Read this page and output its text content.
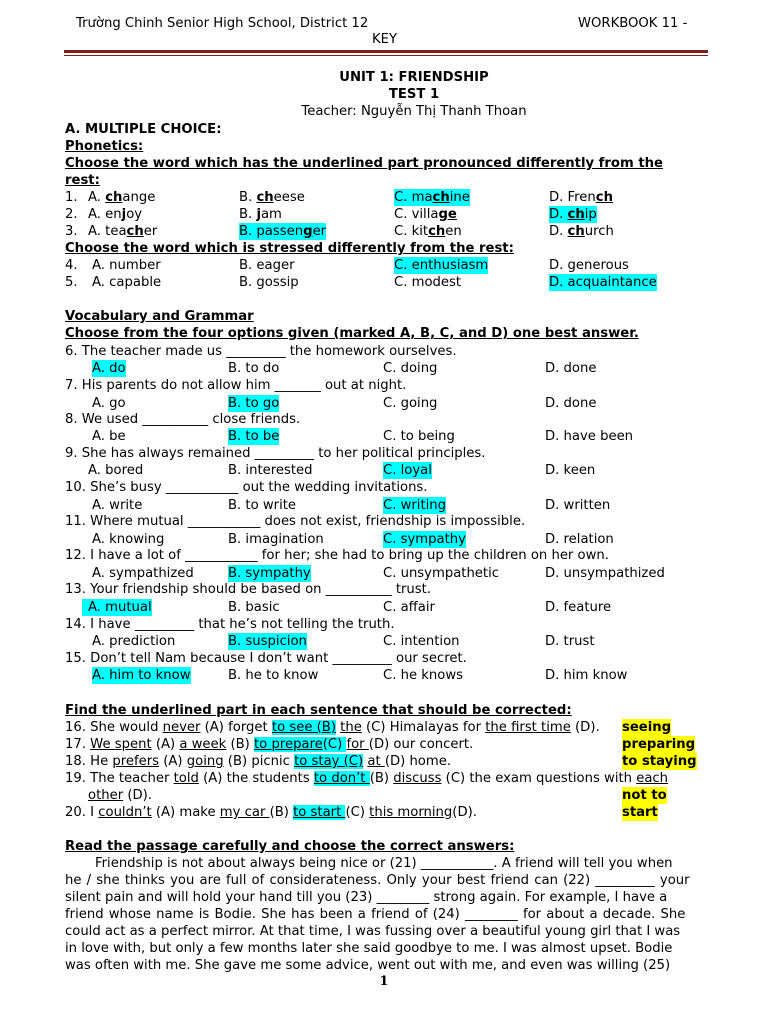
Trường Chinh Senior High School, District 12	WORKBOOK 11 -
KEY
UNIT 1: FRIENDSHIP
TEST 1
Teacher: Nguyễn Thị Thanh Thoan
A. MULTIPLE CHOICE:
Phonetics:
Choose the word which has the underlined part pronounced differently from the
rest:
1. A. change	B. cheese	C. machine	D. French
2. A. enjoy	B. jam	C. village	D. chip
3. A. teacher	B. passenger	C. kitchen	D. church
Choose the word which is stressed differently from the rest:
4. A. number	B. eager	C. enthusiasm	D. generous
5. A. capable	B. gossip	C. modest	D. acquaintance
Vocabulary and Grammar
Choose from the four options given (marked A, B, C, and D) one best answer.
6. The teacher made us _________ the homework ourselves.
A. do	B. to do	C. doing	D. done
7. His parents do not allow him _______ out at night.
A. go	B. to go	C. going	D. done
8. We used __________ close friends.
A. be	B. to be	C. to being	D. have been
9. She has always remained _________ to her political principles.
A. bored	B. interested	C. loyal	D. keen
10. She’s busy ___________ out the wedding invitations.
A. write	B. to write	C. writing	D. written
11. Where mutual ___________ does not exist, friendship is impossible.
A. knowing	B. imagination	C. sympathy	D. relation
12. I have a lot of ___________ for her; she had to bring up the children on her own.
A. sympathized	B. sympathy	C. unsympathetic	D. unsympathized
13. Your friendship should be based on __________ trust.
A. mutual	B. basic	C. affair	D. feature
14. I have _________ that he’s not telling the truth.
A. prediction	B. suspicion	C. intention	D. trust
15. Don’t tell Nam because I don’t want _________ our secret.
A. him to know	B. he to know	C. he knows	D. him know
Find the underlined part in each sentence that should be corrected:
16. She would never (A) forget to see (B) the (C) Himalayas for the first time (D). seeing
17. We spent (A) a week (B) to prepare(C) for (D) our concert.	preparing
18. He prefers (A) going (B) picnic to stay (C) at (D) home.	to staying
19. The teacher told (A) the students to don’t (B) discuss (C) the exam questions with each
other (D).	not to
20. I couldn’t (A) make my car (B) to start (C) this morning(D).	start
Read the passage carefully and choose the correct answers:
Friendship is not about always being nice or (21) ___________. A friend will tell you when
he / she thinks you are full of considerateness. Only your best friend can (22) _________ your
silent pain and will hold your hand till you (23) ________ strong again. For example, I have a
friend whose name is Bodie. She has been a friend of (24) ________ for about a decade. She
could act as a perfect mirror. At that time, I was fussing over a beautiful young girl that I was
in love with, but only a few months later she said goodbye to me. I was almost upset. Bodie
was often with me. She gave me some advice, went out with me, and even was willing (25)
1
